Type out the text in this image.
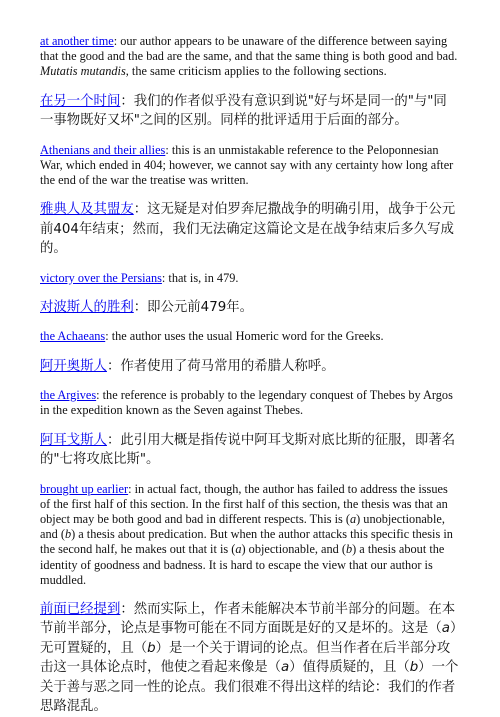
at another time: our author appears to be unaware of the difference between saying that the good and the bad are the same, and that the same thing is both good and bad. Mutatis mutandis, the same criticism applies to the following sections.

在另一个时间：我们的作者似乎没有意识到说"好与坏是同一的"与"同一事物既好又坏"之间的区别。同样的批评适用于后面的部分。

Athenians and their allies: this is an unmistakable reference to the Peloponnesian War, which ended in 404; however, we cannot say with any certainty how long after the end of the war the treatise was written.

雅典人及其盟友：这无疑是对伯罗奔尼撒战争的明确引用，战争于公元前404年结束；然而，我们无法确定这篇论文是在战争结束后多久写成的。

victory over the Persians: that is, in 479.

对波斯人的胜利：即公元前479年。

the Achaeans: the author uses the usual Homeric word for the Greeks.

阿开奥斯人：作者使用了荷马常用的希腊人称呼。

the Argives: the reference is probably to the legendary conquest of Thebes by Argos in the expedition known as the Seven against Thebes.

阿耳戈斯人：此引用大概是指传说中阿耳戈斯对底比斯的征服，即著名的"七将攻底比斯"。

brought up earlier: in actual fact, though, the author has failed to address the issues of the first half of this section. In the first half of this section, the thesis was that an object may be both good and bad in different respects. This is (a) unobjectionable, and (b) a thesis about predication. But when the author attacks this specific thesis in the second half, he makes out that it is (a) objectionable, and (b) a thesis about the identity of goodness and badness. It is hard to escape the view that our author is muddled.

前面已经提到：然而实际上，作者未能解决本节前半部分的问题。在本节前半部分，论点是事物可能在不同方面既是好的又是坏的。这是（a）无可置疑的，且（b）是一个关于谓词的论点。但当作者在后半部分攻击这一具体论点时，他使之看起来像是（a）值得质疑的，且（b）一个关于善与恶之同一性的论点。我们很难不得出这样的结论：我们的作者思路混乱。
